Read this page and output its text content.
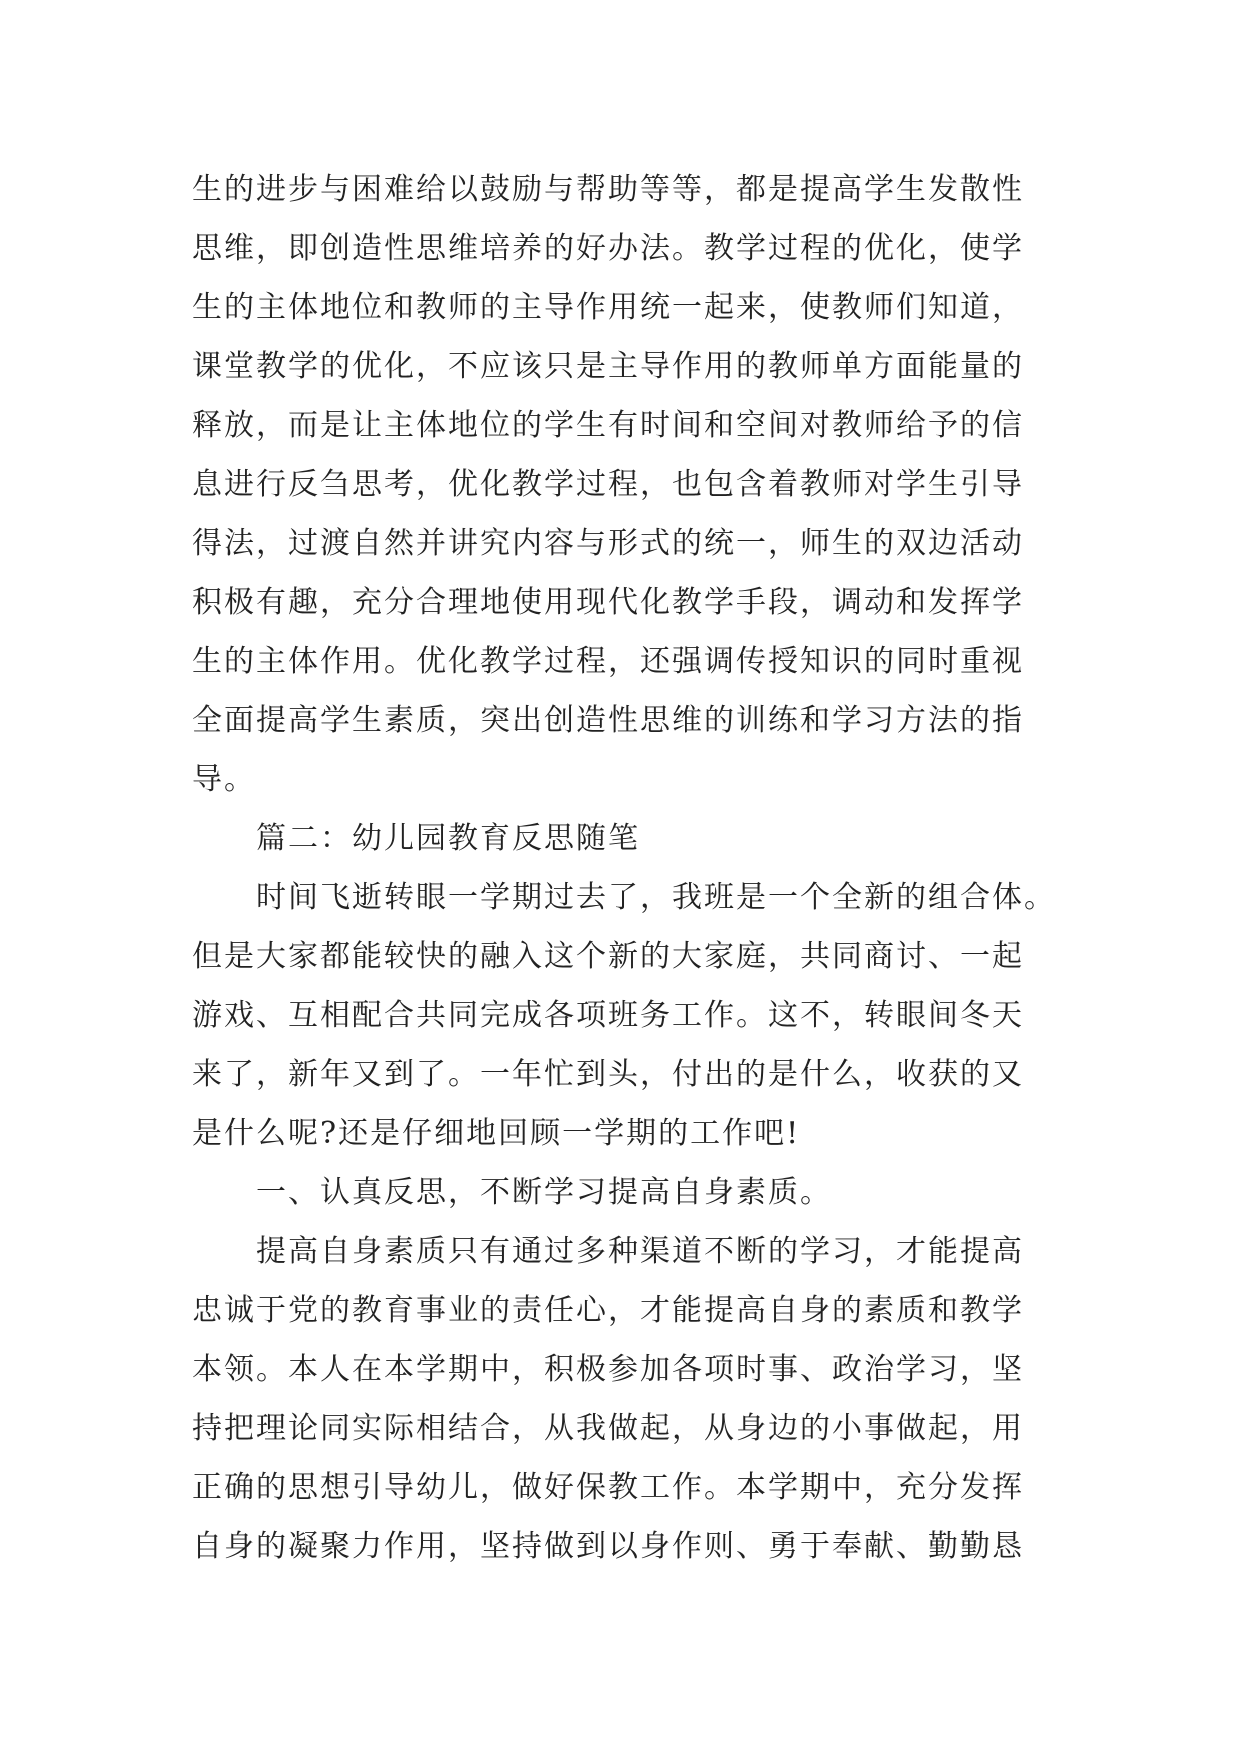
生的进步与困难给以鼓励与帮助等等，都是提高学生发散性
思维，即创造性思维培养的好办法。教学过程的优化，使学
生的主体地位和教师的主导作用统一起来，使教师们知道，
课堂教学的优化，不应该只是主导作用的教师单方面能量的
释放，而是让主体地位的学生有时间和空间对教师给予的信
息进行反刍思考，优化教学过程，也包含着教师对学生引导
得法，过渡自然并讲究内容与形式的统一，师生的双边活动
积极有趣，充分合理地使用现代化教学手段，调动和发挥学
生的主体作用。优化教学过程，还强调传授知识的同时重视
全面提高学生素质，突出创造性思维的训练和学习方法的指
导。
篇二：幼儿园教育反思随笔
时间飞逝转眼一学期过去了，我班是一个全新的组合体。
但是大家都能较快的融入这个新的大家庭，共同商讨、一起
游戏、互相配合共同完成各项班务工作。这不，转眼间冬天
来了，新年又到了。一年忙到头，付出的是什么，收获的又
是什么呢?还是仔细地回顾一学期的工作吧!
一、认真反思，不断学习提高自身素质。
提高自身素质只有通过多种渠道不断的学习，才能提高
忠诚于党的教育事业的责任心，才能提高自身的素质和教学
本领。本人在本学期中，积极参加各项时事、政治学习，坚
持把理论同实际相结合，从我做起，从身边的小事做起，用
正确的思想引导幼儿，做好保教工作。本学期中，充分发挥
自身的凝聚力作用，坚持做到以身作则、勇于奉献、勤勤恳
